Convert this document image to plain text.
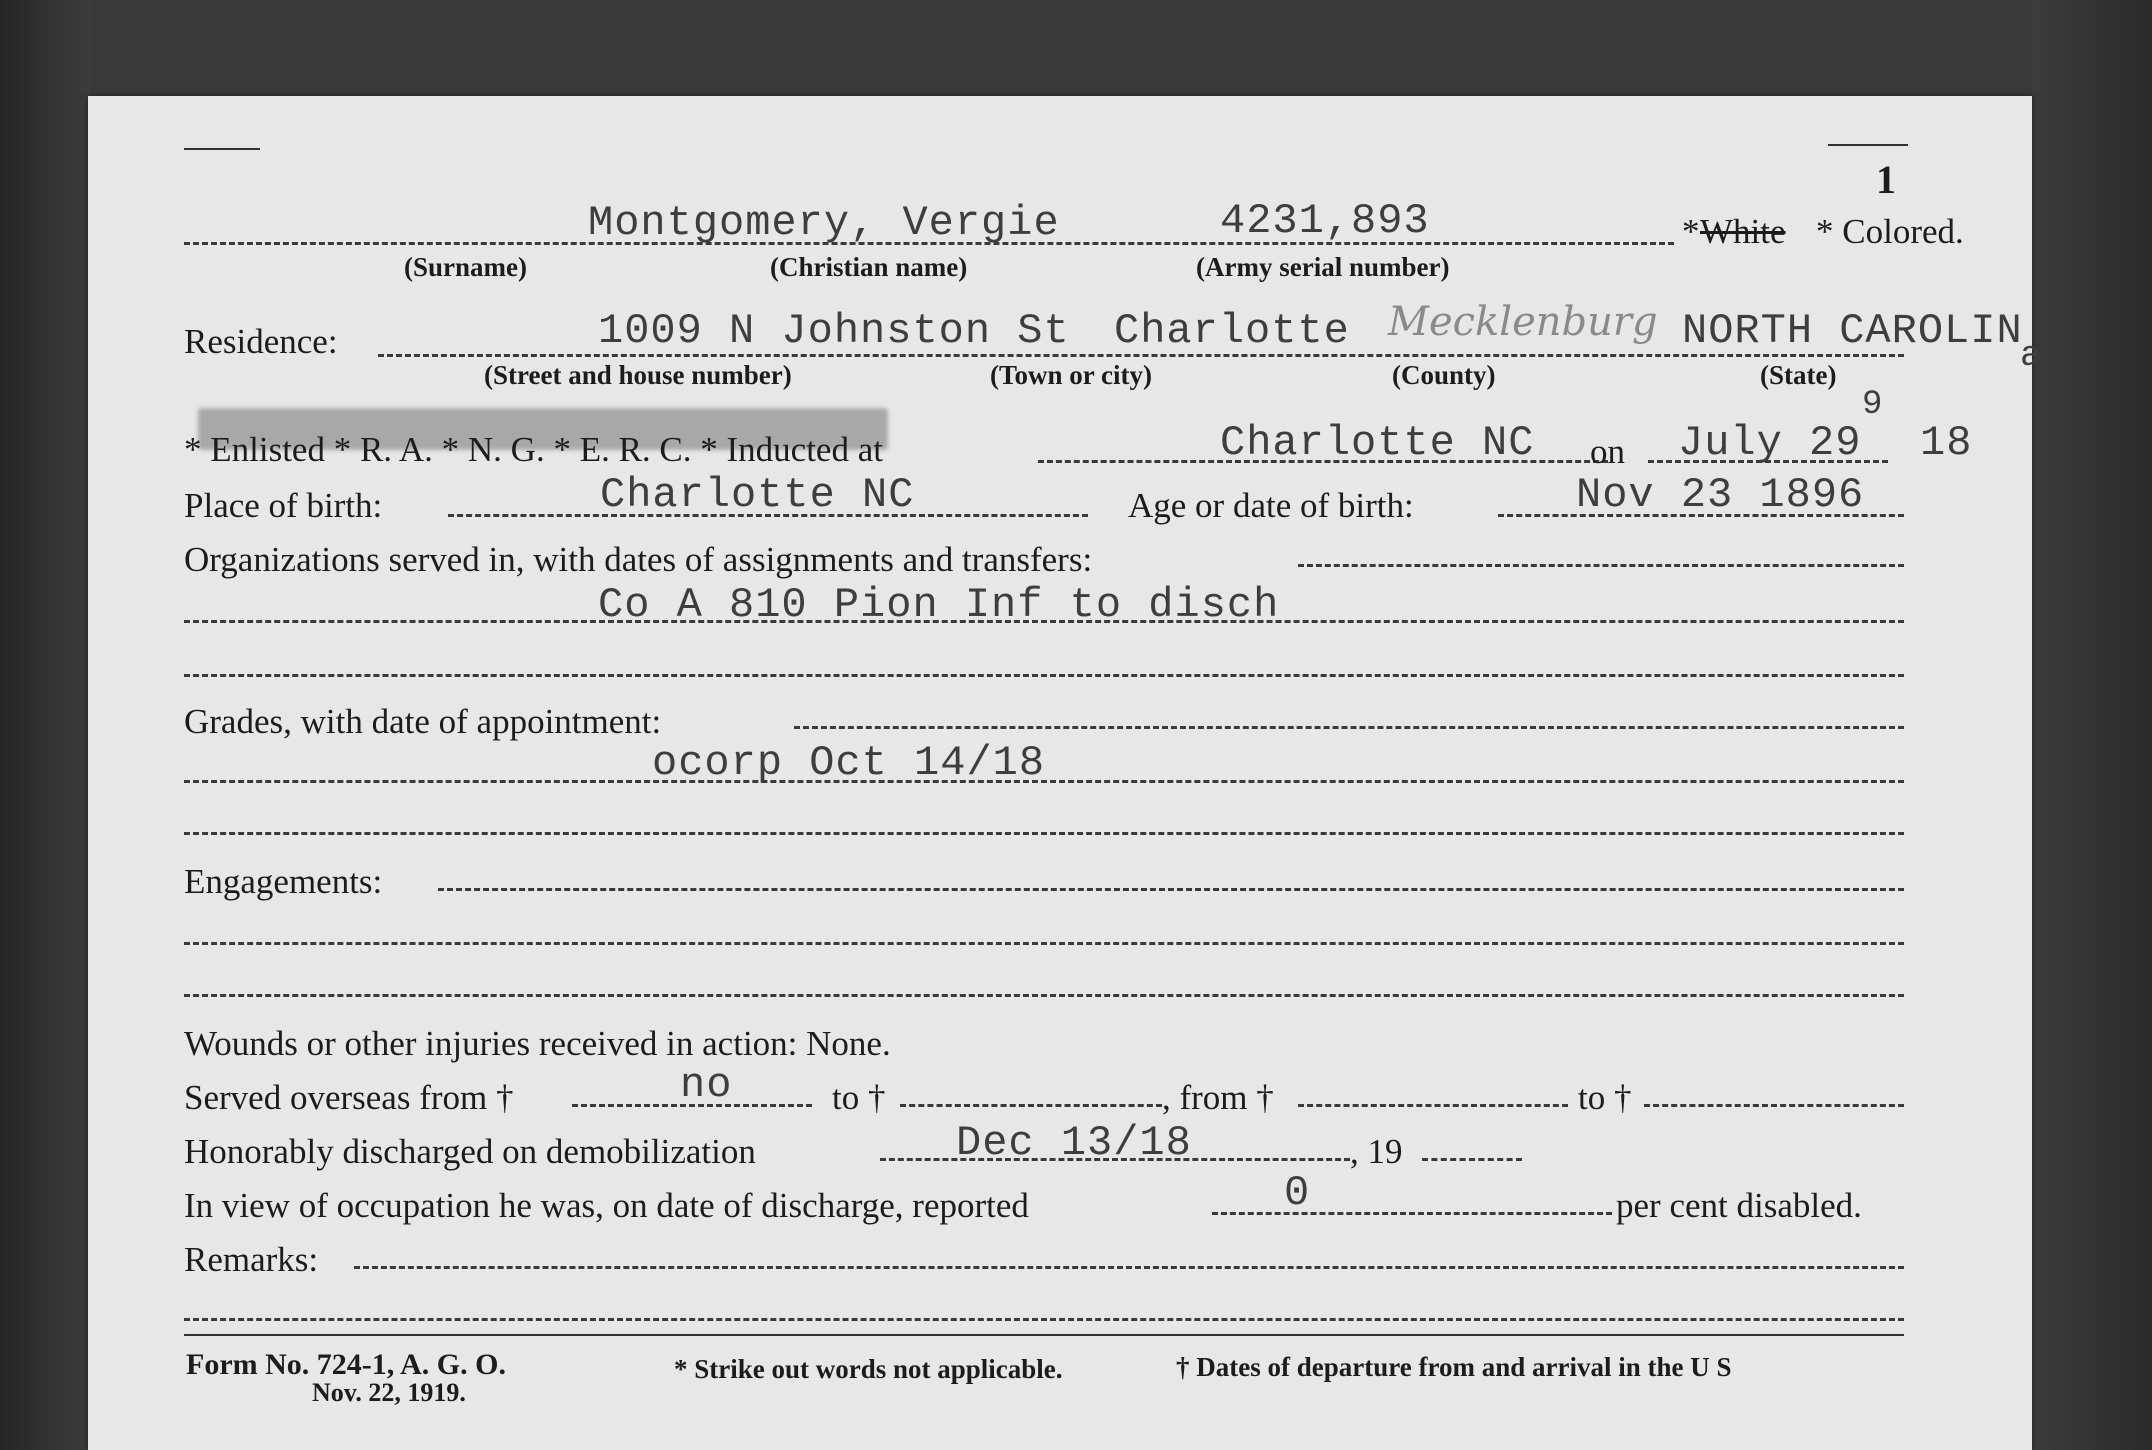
1
Montgomery, Vergie	4231,893	* White * Colored.
(Surname)	(Christian name)	(Army serial number)
Residence:	1009 N Johnston St Charlotte Mecklenburg NORTH CAROLIN
a
(Street and house number)	(Town or city)	(County)	(State)
* Enlisted * R. A. * N. G. * E. R. C. * Inducted at	Charlotte NC on July 29
9
18
Place of birth:	Charlotte NC	Age or date of birth:	Nov 23 1896
Organizations served in, with dates of assignments and transfers:
Co A 810 Pion Inf to disch
Grades, with date of appointment:
ocorp Oct 14/18
Engagements:
Wounds or other injuries received in action: None.
Served overseas from †	no	to †	, from †	to †
Honorably discharged on demobilization	Dec 13/18	, 19
In view of occupation he was, on date of discharge, reported	0	per cent disabled.
Remarks:
Form No. 724-1, A. G. O.
Nov. 22, 1919.
* Strike out words not applicable.	† Dates of departure from and arrival in the U S
